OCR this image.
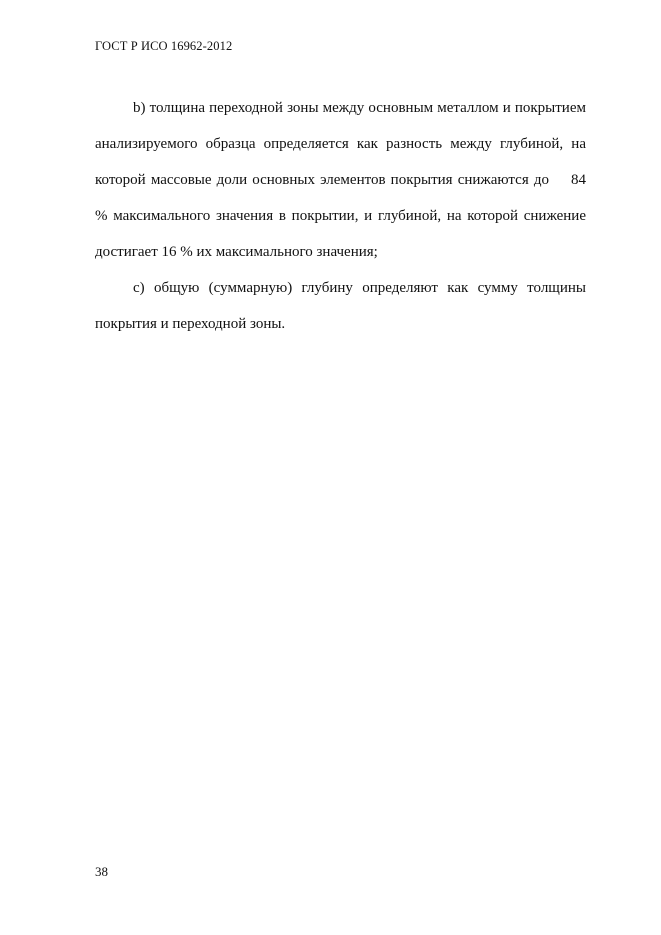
ГОСТ Р ИСО 16962-2012

b) толщина переходной зоны между основным металлом и покрытием анализируемого образца определяется как разность между глубиной, на которой массовые доли основных элементов покрытия снижаются до 84 % максимального значения в покрытии, и глубиной, на которой снижение достигает 16 % их максимального значения;

c) общую (суммарную) глубину определяют как сумму толщины покрытия и переходной зоны.

38
